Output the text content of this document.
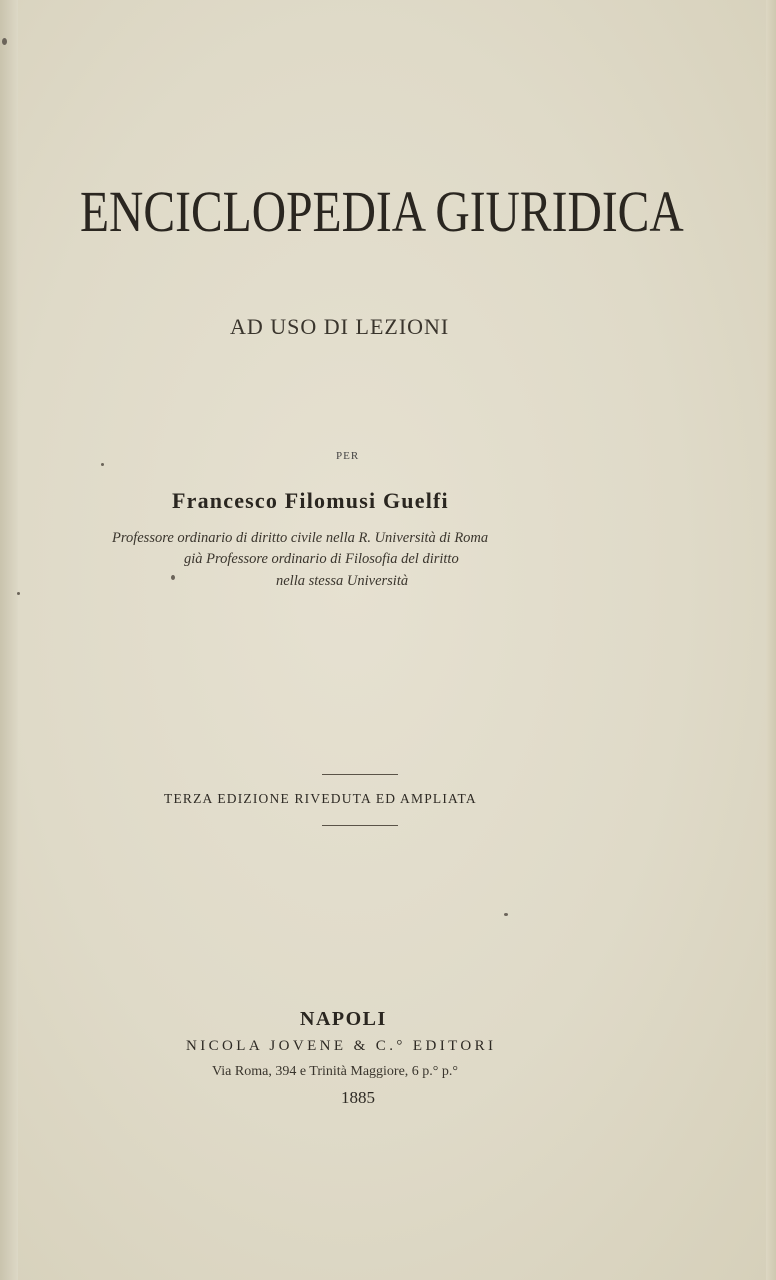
ENCICLOPEDIA GIURIDICA
AD USO DI LEZIONI
PER
Francesco Filomusi Guelfi
Professore ordinario di diritto civile nella R. Università di Roma
già Professore ordinario di Filosofia del diritto
nella stessa Università
TERZA EDIZIONE RIVEDUTA ED AMPLIATA
NAPOLI
NICOLA JOVENE & C.° EDITORI
Via Roma, 394 e Trinità Maggiore, 6 p.° p.°
1885
